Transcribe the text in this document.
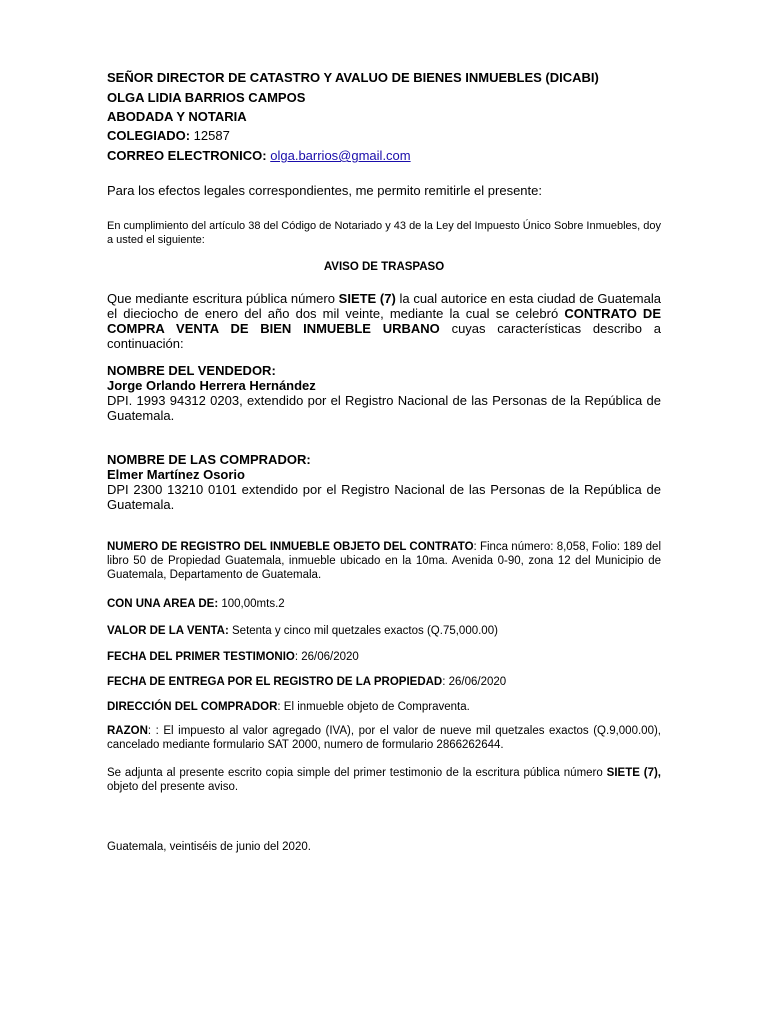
SEÑOR DIRECTOR DE CATASTRO Y AVALUO DE BIENES INMUEBLES (DICABI)

OLGA LIDIA BARRIOS CAMPOS

ABODADA Y NOTARIA

COLEGIADO: 12587

CORREO ELECTRONICO: olga.barrios@gmail.com

Para los efectos legales correspondientes, me permito remitirle el presente:

En cumplimiento del artículo 38 del Código de Notariado y 43 de la Ley del Impuesto Único Sobre Inmuebles, doy a usted el siguiente:

AVISO DE TRASPASO

Que mediante escritura pública número SIETE (7) la cual autorice en esta ciudad de Guatemala el dieciocho de enero del año dos mil veinte, mediante la cual se celebró CONTRATO DE COMPRA VENTA DE BIEN INMUEBLE URBANO cuyas características describo a continuación:

NOMBRE DEL VENDEDOR:
Jorge Orlando Herrera Hernández
DPI. 1993 94312 0203, extendido por el Registro Nacional de las Personas de la República de Guatemala.
NOMBRE DE LAS COMPRADOR:
Elmer Martínez Osorio
DPI 2300 13210 0101 extendido por el Registro Nacional de las Personas de la República de Guatemala.

NUMERO DE REGISTRO DEL INMUEBLE OBJETO DEL CONTRATO: Finca número: 8,058, Folio: 189 del libro 50 de Propiedad Guatemala, inmueble ubicado en la 10ma. Avenida 0-90, zona 12 del Municipio de Guatemala, Departamento de Guatemala.

CON UNA AREA DE: 100,00mts.2

VALOR DE LA VENTA: Setenta y cinco mil quetzales exactos (Q.75,000.00)

FECHA DEL PRIMER TESTIMONIO: 26/06/2020

FECHA DE ENTREGA POR EL REGISTRO DE LA PROPIEDAD: 26/06/2020

DIRECCIÓN DEL COMPRADOR: El inmueble objeto de Compraventa.

RAZON: : El impuesto al valor agregado (IVA), por el valor de nueve mil quetzales exactos (Q.9,000.00), cancelado mediante formulario SAT 2000, numero de formulario 2866262644.

Se adjunta al presente escrito copia simple del primer testimonio de la escritura pública número SIETE (7), objeto del presente aviso.

Guatemala, veintiséis de junio del 2020.
